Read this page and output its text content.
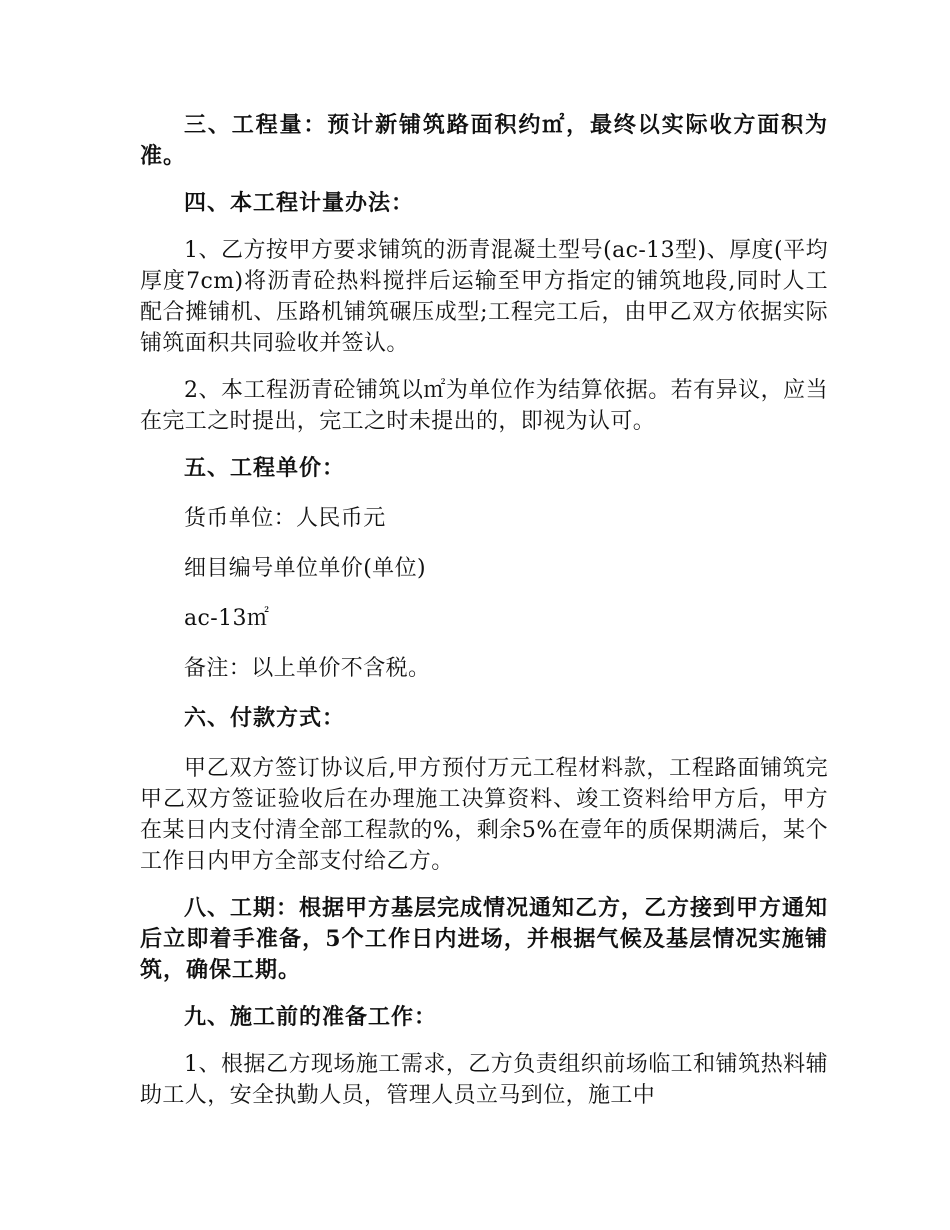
三、工程量：预计新铺筑路面积约㎡，最终以实际收方面积为准。

四、本工程计量办法：

1、乙方按甲方要求铺筑的沥青混凝土型号(ac-13型)、厚度(平均厚度7cm)将沥青砼热料搅拌后运输至甲方指定的铺筑地段,同时人工配合摊铺机、压路机铺筑碾压成型;工程完工后，由甲乙双方依据实际铺筑面积共同验收并签认。

2、本工程沥青砼铺筑以㎡为单位作为结算依据。若有异议，应当在完工之时提出，完工之时未提出的，即视为认可。

五、工程单价：

货币单位：人民币元

细目编号单位单价(单位)

ac-13㎡

备注：以上单价不含税。

六、付款方式：

甲乙双方签订协议后,甲方预付万元工程材料款，工程路面铺筑完甲乙双方签证验收后在办理施工决算资料、竣工资料给甲方后，甲方在某日内支付清全部工程款的%，剩余5%在壹年的质保期满后，某个工作日内甲方全部支付给乙方。

八、工期：根据甲方基层完成情况通知乙方，乙方接到甲方通知后立即着手准备，5个工作日内进场，并根据气候及基层情况实施铺筑，确保工期。

九、施工前的准备工作：

1、根据乙方现场施工需求，乙方负责组织前场临工和铺筑热料辅助工人，安全执勤人员，管理人员立马到位，施工中
